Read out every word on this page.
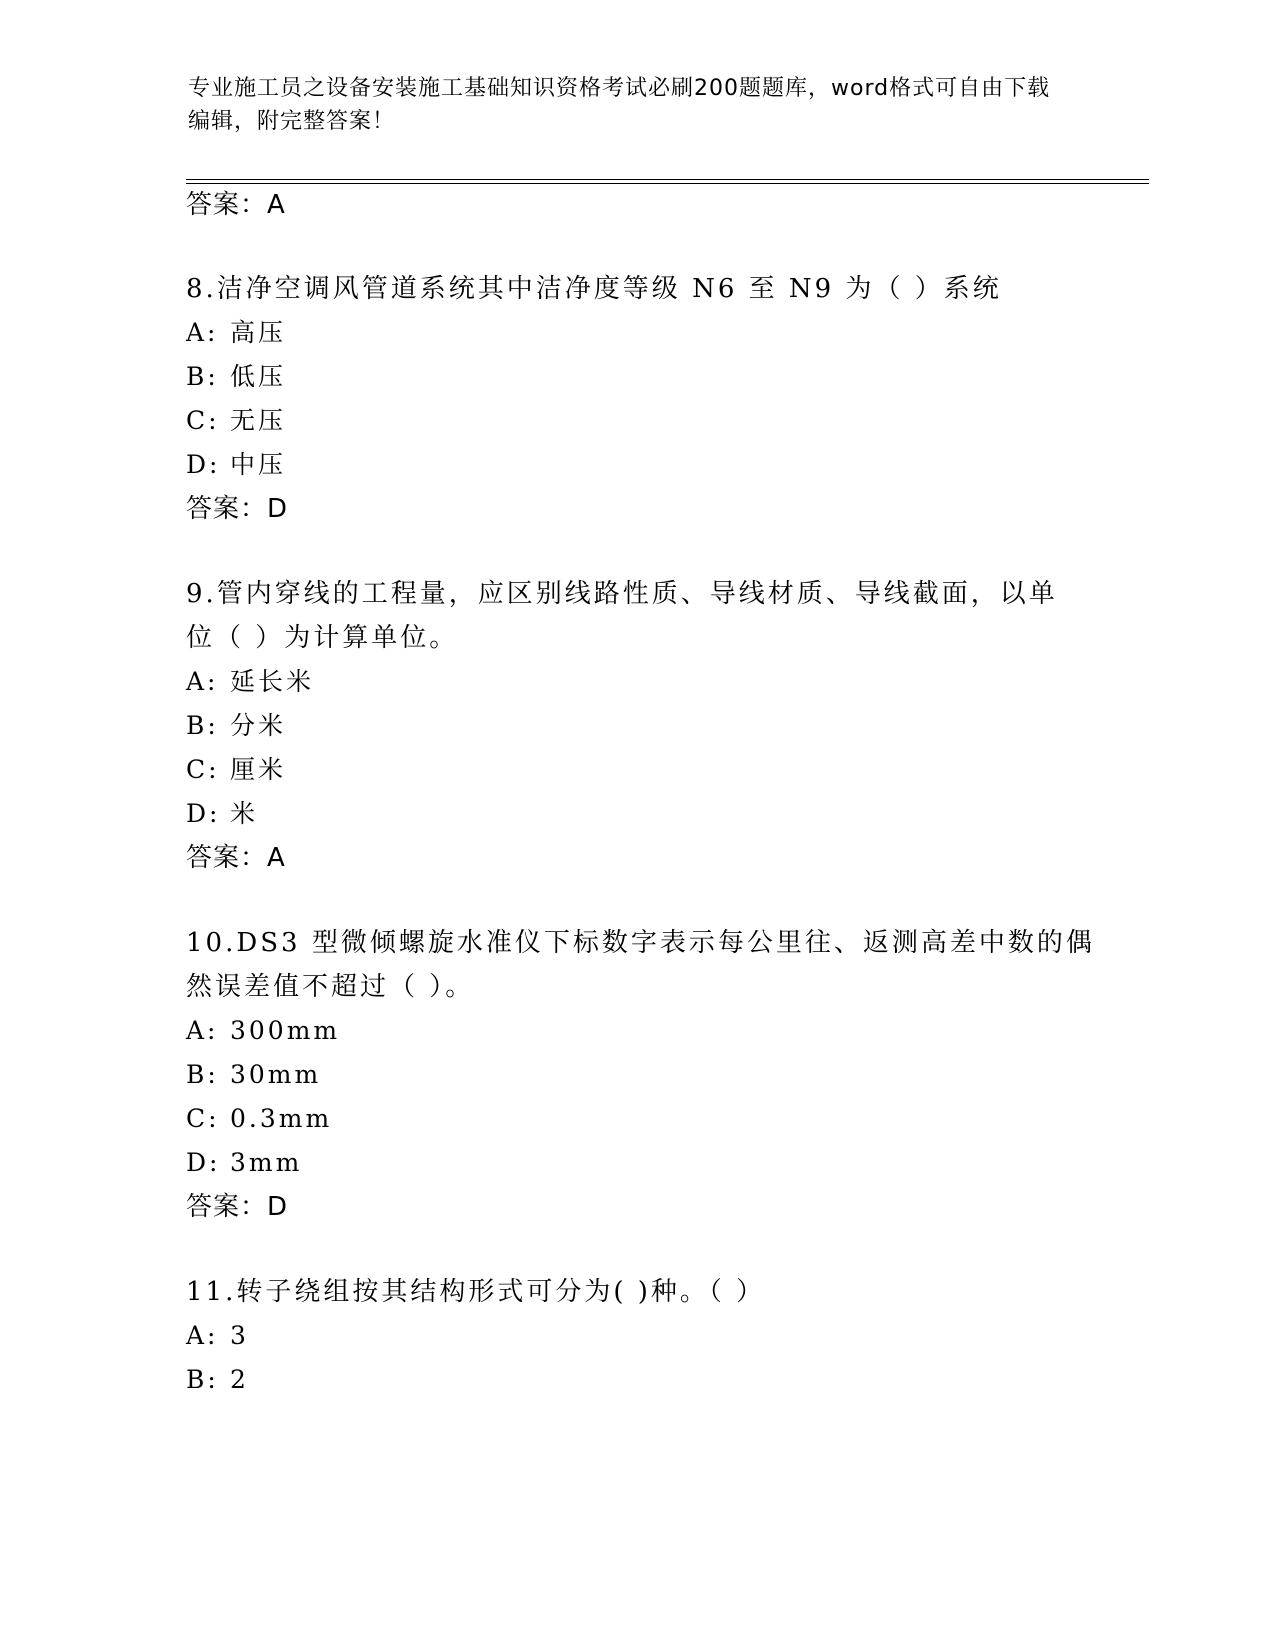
专业施工员之设备安装施工基础知识资格考试必刷200题题库，word格式可自由下载编辑，附完整答案！
答案：A
8.洁净空调风管道系统其中洁净度等级 N6 至 N9 为（ ）系统
A: 高压
B: 低压
C: 无压
D: 中压
答案：D
9.管内穿线的工程量，应区别线路性质、导线材质、导线截面，以单
位（ ）为计算单位。
A: 延长米
B: 分米
C: 厘米
D: 米
答案：A
10.DS3 型微倾螺旋水准仪下标数字表示每公里往、返测高差中数的偶
然误差值不超过（ ）。
A: 300mm
B: 30mm
C: 0.3mm
D: 3mm
答案：D
11.转子绕组按其结构形式可分为( )种。（ ）
A: 3
B: 2
